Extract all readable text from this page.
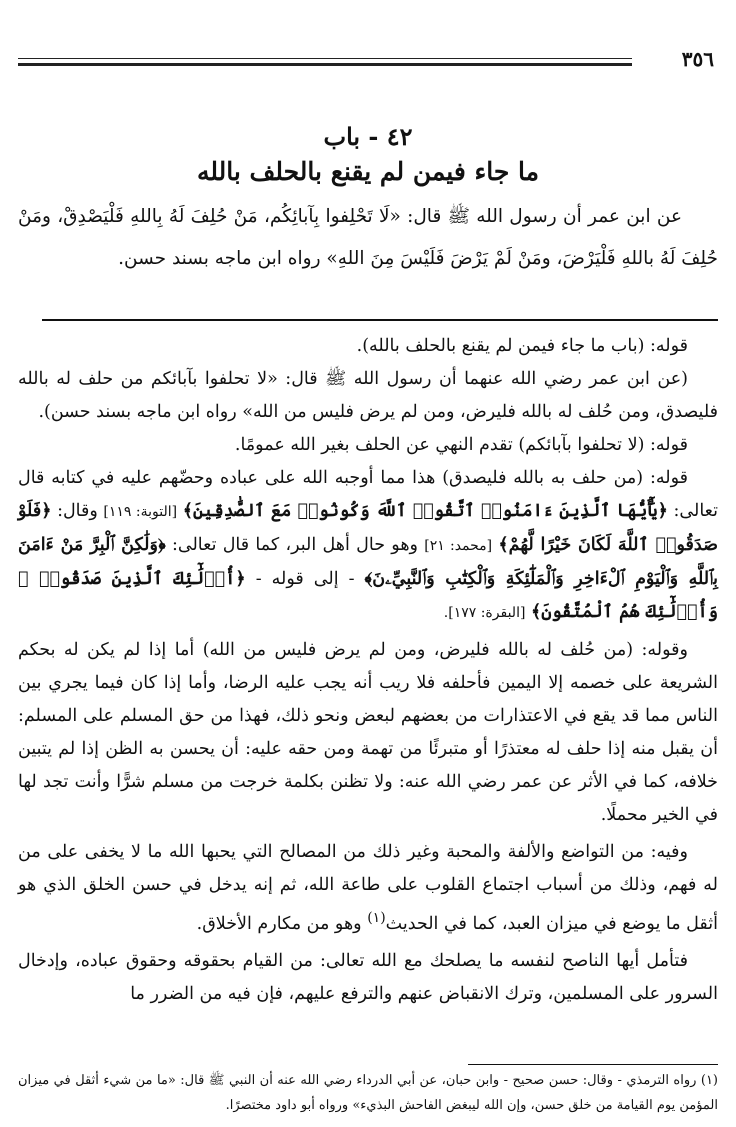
٣٥٦
٤٢ - باب
ما جاء فيمن لم يقنع بالحلف بالله

عن ابن عمر أن رسول الله ﷺ قال: «لَا تَحْلِفوا بِآبائِكُم، مَنْ حُلِفَ لَهُ بِاللهِ فَلْيَصْدِقْ، ومَنْ حُلِفَ لَهُ باللهِ فَلْيَرْضَ، ومَنْ لَمْ يَرْضَ فَلَيْسَ مِنَ اللهِ» رواه ابن ماجه بسند حسن.

قوله: (باب ما جاء فيمن لم يقنع بالحلف بالله).

(عن ابن عمر رضي الله عنهما أن رسول الله ﷺ قال: «لا تحلفوا بآبائكم من حلف له بالله فليصدق، ومن حُلف له بالله فليرض، ومن لم يرض فليس من الله» رواه ابن ماجه بسند حسن).

قوله: (لا تحلفوا بآبائكم) تقدم النهي عن الحلف بغير الله عمومًا.

قوله: (من حلف به بالله فليصدق) هذا مما أوجبه الله على عباده وحضّهم عليه في كتابه قال تعالى: ﴿يَٰٓأَيُّهَا ٱلَّذِينَ ءَامَنُوا۟ ٱتَّقُوا۟ ٱللَّهَ وَكُونُوا۟ مَعَ ٱلصَّٰدِقِينَ﴾ [التوبة: ١١٩] وقال: ﴿فَلَوْ صَدَقُوا۟ ٱللَّهَ لَكَانَ خَيْرًا لَّهُمْ﴾ [محمد: ٢١] وهو حال أهل البر، كما قال تعالى: ﴿وَلَٰكِنَّ ٱلْبِرَّ مَنْ ءَامَنَ بِٱللَّهِ وَٱلْيَوْمِ ٱلْءَاخِرِ وَٱلْمَلَٰٓئِكَةِ وَٱلْكِتَٰبِ وَٱلنَّبِيِّۦنَ﴾ - إلى قوله - ﴿أُو۟لَٰٓئِكَ ٱلَّذِينَ صَدَقُوا۟ ۖ وَأُو۟لَٰٓئِكَ هُمُ ٱلْمُتَّقُونَ﴾ [البقرة: ١٧٧].

وقوله: (من حُلف له بالله فليرض، ومن لم يرض فليس من الله) أما إذا لم يكن له بحكم الشريعة على خصمه إلا اليمين فأحلفه فلا ريب أنه يجب عليه الرضا، وأما إذا كان فيما يجري بين الناس مما قد يقع في الاعتذارات من بعضهم لبعض ونحو ذلك، فهذا من حق المسلم على المسلم: أن يقبل منه إذا حلف له معتذرًا أو متبرئًا من تهمة ومن حقه عليه: أن يحسن به الظن إذا لم يتبين خلافه، كما في الأثر عن عمر رضي الله عنه: ولا تظنن بكلمة خرجت من مسلم شرًّا وأنت تجد لها في الخير محملًا.

وفيه: من التواضع والألفة والمحبة وغير ذلك من المصالح التي يحبها الله ما لا يخفى على من له فهم، وذلك من أسباب اجتماع القلوب على طاعة الله، ثم إنه يدخل في حسن الخلق الذي هو أثقل ما يوضع في ميزان العبد، كما في الحديث$^{(١)}$ وهو من مكارم الأخلاق.

فتأمل أيها الناصح لنفسه ما يصلحك مع الله تعالى: من القيام بحقوقه وحقوق عباده، وإدخال السرور على المسلمين، وترك الانقباض عنهم والترفع عليهم، فإن فيه من الضرر ما

(١) رواه الترمذي - وقال: حسن صحيح - وابن حبان، عن أبي الدرداء رضي الله عنه أن النبي ﷺ قال: «ما من شيء أثقل في ميزان المؤمن يوم القيامة من خلق حسن، وإن الله ليبغض الفاحش البذيء» ورواه أبو داود مختصرًا.
